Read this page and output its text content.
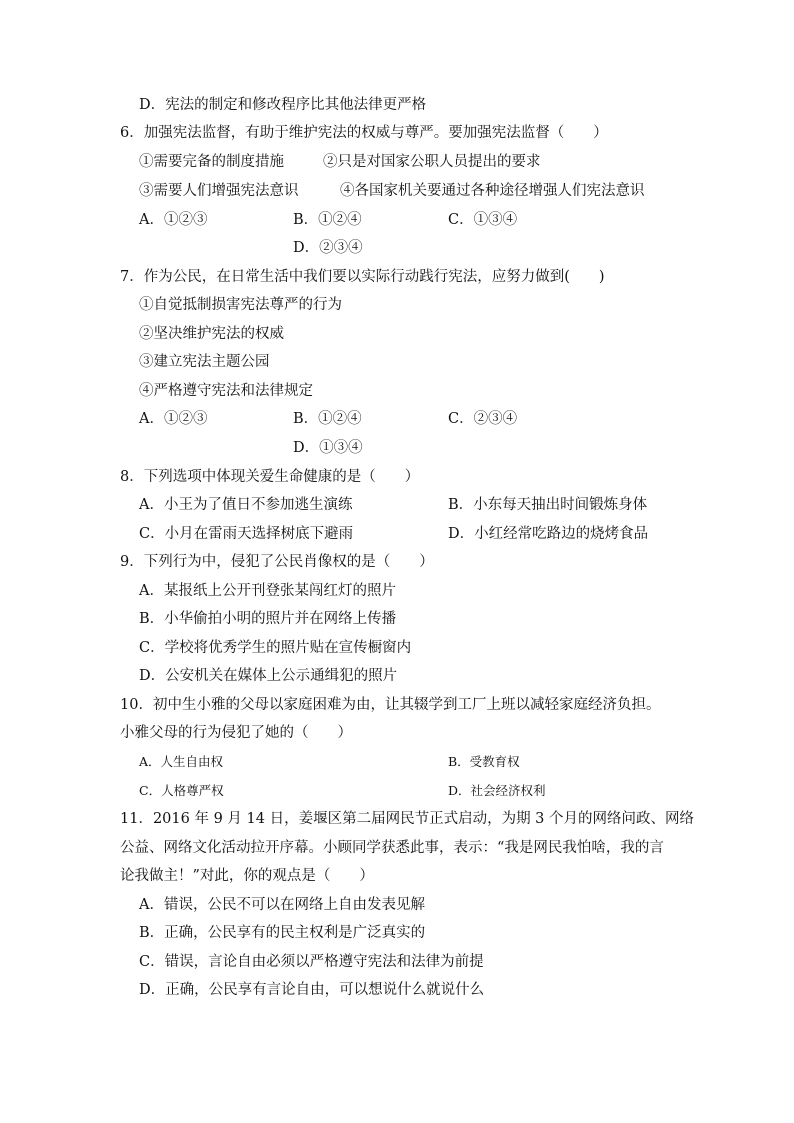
D．宪法的制定和修改程序比其他法律更严格
6．加强宪法监督，有助于维护宪法的权威与尊严。要加强宪法监督（　　）
①需要完备的制度措施	②只是对国家公职人员提出的要求
③需要人们增强宪法意识	④各国家机关要通过各种途径增强人们宪法意识
A．①②③	B．①②④	C．①③④
D．②③④
7．作为公民，在日常生活中我们要以实际行动践行宪法，应努力做到(　　)
①自觉抵制损害宪法尊严的行为
②坚决维护宪法的权威
③建立宪法主题公园
④严格遵守宪法和法律规定
A．①②③	B．①②④	C．②③④
D．①③④
8．下列选项中体现关爱生命健康的是（　　）
A．小王为了值日不参加逃生演练	B．小东每天抽出时间锻炼身体
C．小月在雷雨天选择树底下避雨	D．小红经常吃路边的烧烤食品
9．下列行为中，侵犯了公民肖像权的是（　　）
A．某报纸上公开刊登张某闯红灯的照片
B．小华偷拍小明的照片并在网络上传播
C．学校将优秀学生的照片贴在宣传橱窗内
D．公安机关在媒体上公示通缉犯的照片
10．初中生小雅的父母以家庭困难为由，让其辍学到工厂上班以减轻家庭经济负担。
小雅父母的行为侵犯了她的（　　）
A．人生自由权	B．受教育权
C．人格尊严权	D．社会经济权利
11．2016 年 9 月 14 日，姜堰区第二届网民节正式启动，为期 3 个月的网络问政、网络
公益、网络文化活动拉开序幕。小顾同学获悉此事，表示：“我是网民我怕啥，我的言
论我做主！”对此，你的观点是（　　）
A．错误，公民不可以在网络上自由发表见解
B．正确，公民享有的民主权利是广泛真实的
C．错误，言论自由必须以严格遵守宪法和法律为前提
D．正确，公民享有言论自由，可以想说什么就说什么
